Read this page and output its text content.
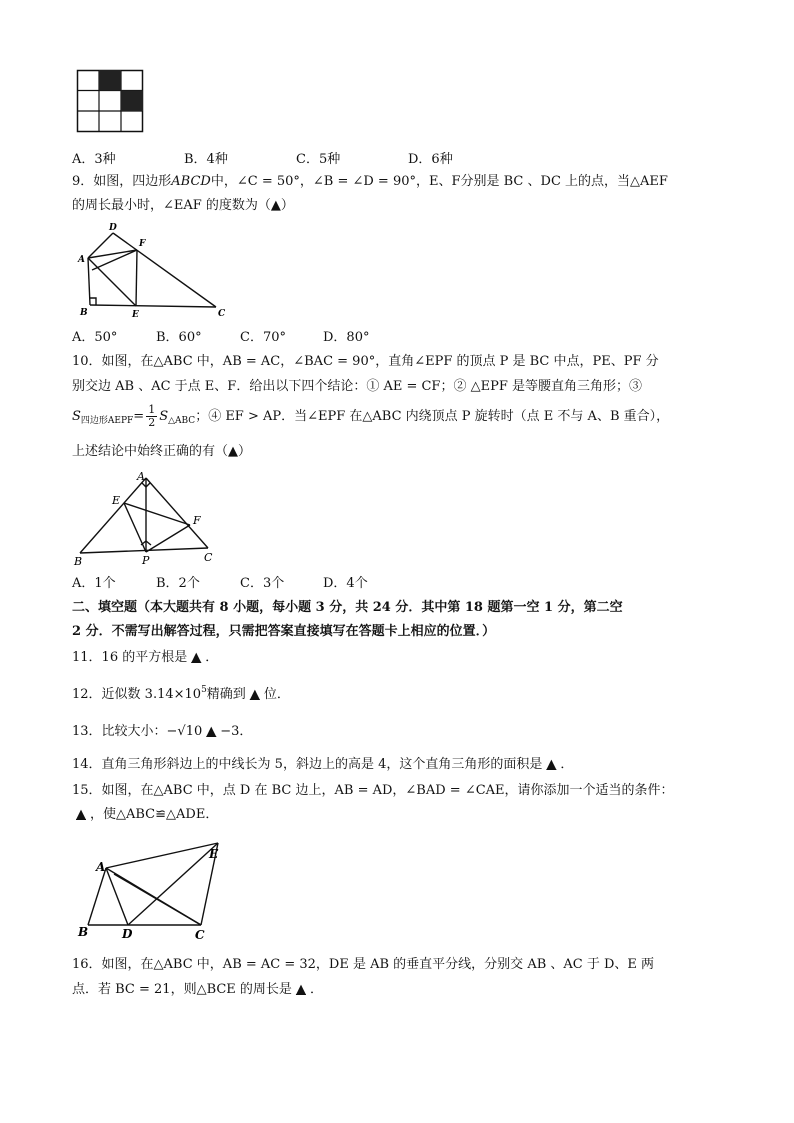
A．3种	B．4种	C．5种	D．6种
9．如图，四边形ABCD中，∠C = 50°，∠B = ∠D = 90°，E、F分别是 BC 、DC 上的点，当△AEF
的周长最小时，∠EAF 的度数为（▲）
D
F
A
B	E	C
A．50°	B．60°	C．70°	D．80°
10．如图，在△ABC 中，AB = AC，∠BAC = 90°，直角∠EPF 的顶点 P 是 BC 中点，PE、PF 分
别交边 AB 、AC 于点 E、F．给出以下四个结论：① AE = CF；② △EPF 是等腰直角三角形；③
$S_{四边形AEPF}= \frac{1}{2} S_{\triangle ABC}$；④ EF > AP．当∠EPF 在△ABC 内绕顶点 P 旋转时（点 E 不与 A、B 重合），
上述结论中始终正确的有（▲）
A
E
F
B	P	C
A．1个	B．2个	C．3个	D．4个
二、填空题（本大题共有 8 小题，每小题 3 分，共 24 分．其中第 18 题第一空 1 分，第二空
2 分．不需写出解答过程，只需把答案直接填写在答题卡上相应的位置．）
11．16 的平方根是 ▲ ．
12．近似数 $3.14\times 10^5$精确到 ▲ 位．
13．比较大小：−√10 ▲ −3．
14．直角三角形斜边上的中线长为 5，斜边上的高是 4，这个直角三角形的面积是 ▲ ．
15．如图，在△ABC 中，点 D 在 BC 边上，AB = AD，∠BAD = ∠CAE，请你添加一个适当的条件：
▲ ，使△ABC≌△ADE．
A
E
B	D	C
16．如图，在△ABC 中，AB = AC = 32，DE 是 AB 的垂直平分线，分别交 AB 、AC 于 D、E 两
点．若 BC = 21，则△BCE 的周长是 ▲ ．
